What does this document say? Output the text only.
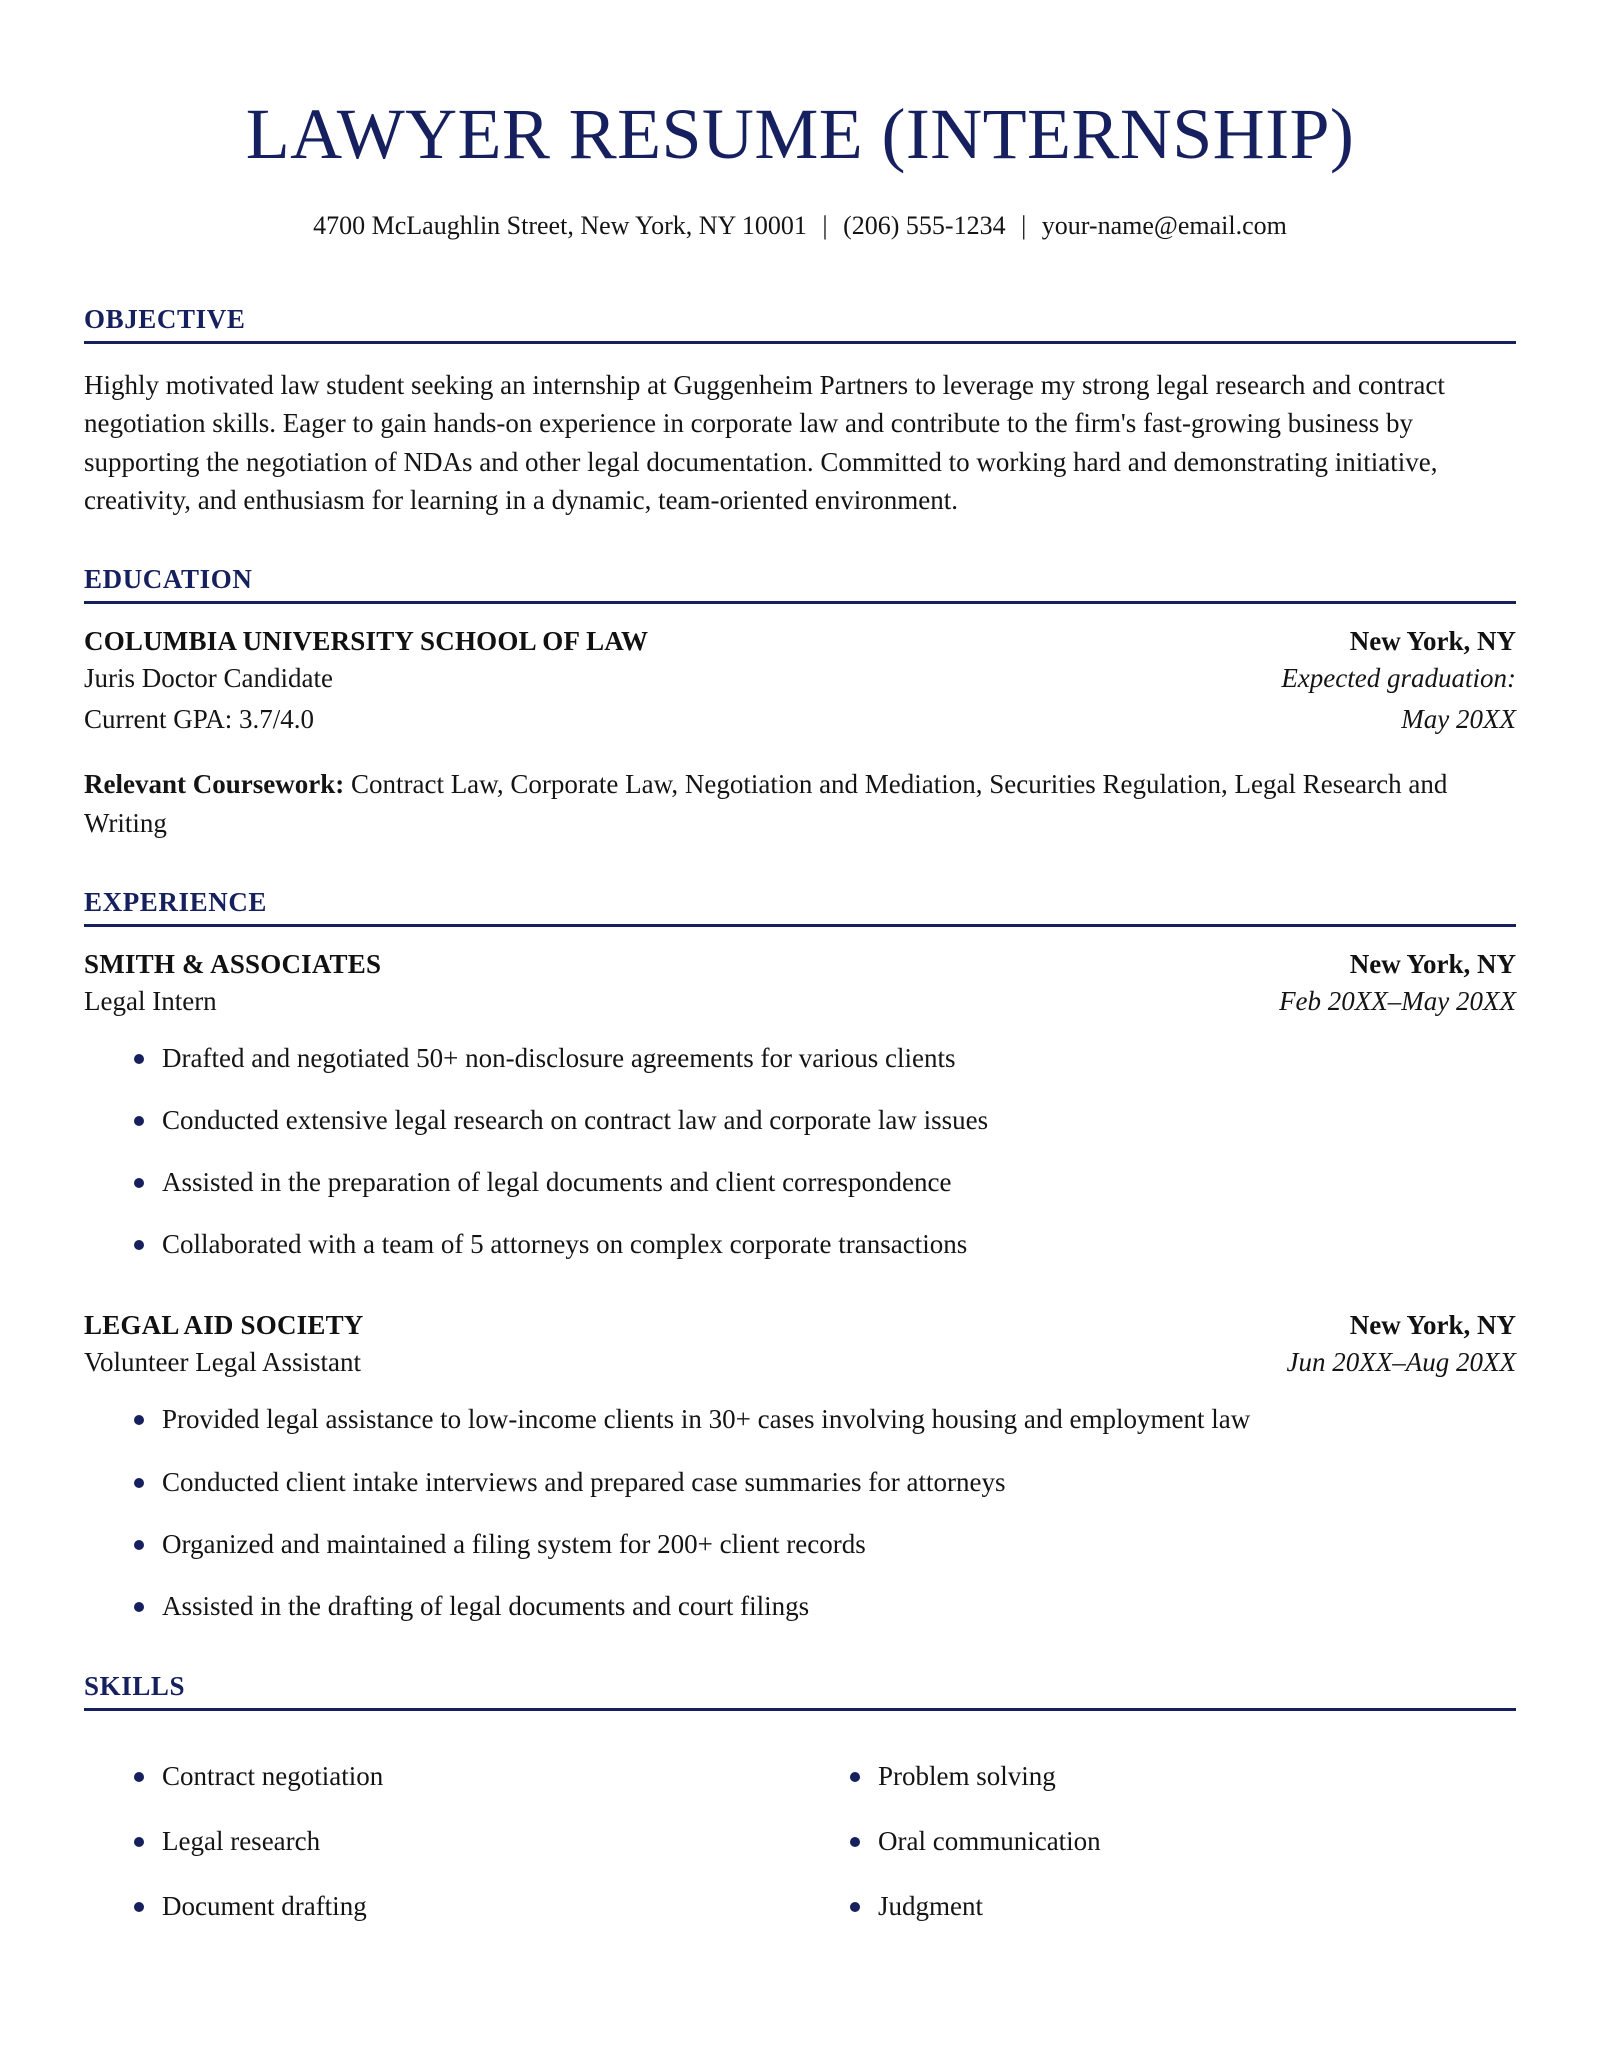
LAWYER RESUME (INTERNSHIP)

4700 McLaughlin Street, New York, NY 10001 | (206) 555-1234 | your-name@email.com

OBJECTIVE

Highly motivated law student seeking an internship at Guggenheim Partners to leverage my strong legal research and contract negotiation skills. Eager to gain hands-on experience in corporate law and contribute to the firm's fast-growing business by supporting the negotiation of NDAs and other legal documentation. Committed to working hard and demonstrating initiative, creativity, and enthusiasm for learning in a dynamic, team-oriented environment.

EDUCATION
COLUMBIA UNIVERSITY SCHOOL OF LAW	New York, NY
Juris Doctor Candidate	Expected graduation:
Current GPA: 3.7/4.0	May 20XX

Relevant Coursework: Contract Law, Corporate Law, Negotiation and Mediation, Securities Regulation, Legal Research and Writing

EXPERIENCE
SMITH & ASSOCIATES	New York, NY
Legal Intern	Feb 20XX–May 20XX
Drafted and negotiated 50+ non-disclosure agreements for various clients
Conducted extensive legal research on contract law and corporate law issues
Assisted in the preparation of legal documents and client correspondence
Collaborated with a team of 5 attorneys on complex corporate transactions
LEGAL AID SOCIETY	New York, NY
Volunteer Legal Assistant	Jun 20XX–Aug 20XX
Provided legal assistance to low-income clients in 30+ cases involving housing and employment law
Conducted client intake interviews and prepared case summaries for attorneys
Organized and maintained a filing system for 200+ client records
Assisted in the drafting of legal documents and court filings
SKILLS
Contract negotiation
Legal research
Document drafting
Problem solving
Oral communication
Judgment
